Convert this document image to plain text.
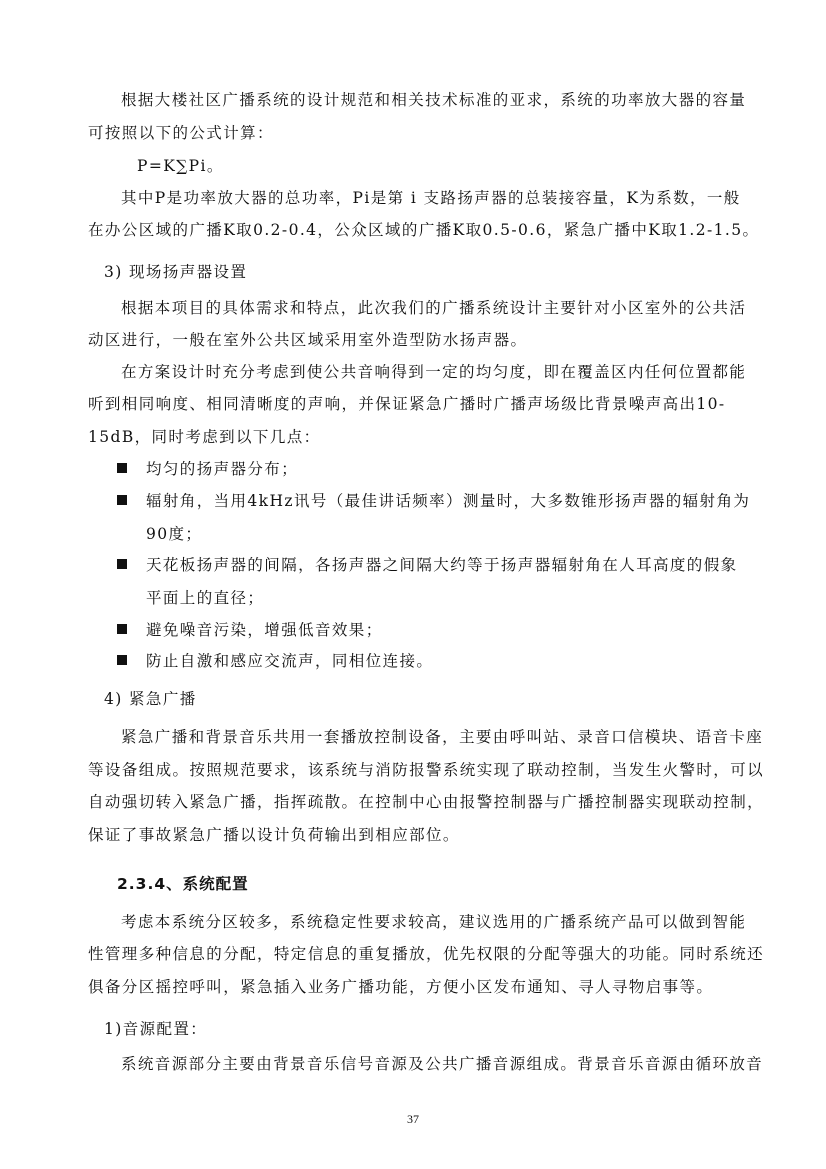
根据大楼社区广播系统的设计规范和相关技术标准的亚求，系统的功率放大器的容量
可按照以下的公式计算：
P=K∑Pi。
其中P是功率放大器的总功率，Pi是第 i 支路扬声器的总装接容量，K为系数，一般
在办公区域的广播K取0.2-0.4，公众区域的广播K取0.5-0.6，紧急广播中K取1.2-1.5。
3) 现场扬声器设置
根据本项目的具体需求和特点，此次我们的广播系统设计主要针对小区室外的公共活
动区进行，一般在室外公共区域采用室外造型防水扬声器。
在方案设计时充分考虑到使公共音响得到一定的均匀度，即在覆盖区内任何位置都能
听到相同响度、相同清晰度的声响，并保证紧急广播时广播声场级比背景噪声高出10-
15dB，同时考虑到以下几点：
均匀的扬声器分布；
辐射角，当用4kHz讯号（最佳讲话频率）测量时，大多数锥形扬声器的辐射角为
90度；
天花板扬声器的间隔，各扬声器之间隔大约等于扬声器辐射角在人耳高度的假象
平面上的直径；
避免噪音污染，增强低音效果；
防止自激和感应交流声，同相位连接。
4) 紧急广播
紧急广播和背景音乐共用一套播放控制设备，主要由呼叫站、录音口信模块、语音卡座
等设备组成。按照规范要求，该系统与消防报警系统实现了联动控制，当发生火警时，可以
自动强切转入紧急广播，指挥疏散。在控制中心由报警控制器与广播控制器实现联动控制，
保证了事故紧急广播以设计负荷输出到相应部位。
2.3.4、系统配置
考虑本系统分区较多，系统稳定性要求较高，建议选用的广播系统产品可以做到智能
性管理多种信息的分配，特定信息的重复播放，优先权限的分配等强大的功能。同时系统还
俱备分区摇控呼叫，紧急插入业务广播功能，方便小区发布通知、寻人寻物启事等。
1)音源配置：
系统音源部分主要由背景音乐信号音源及公共广播音源组成。背景音乐音源由循环放音
37
